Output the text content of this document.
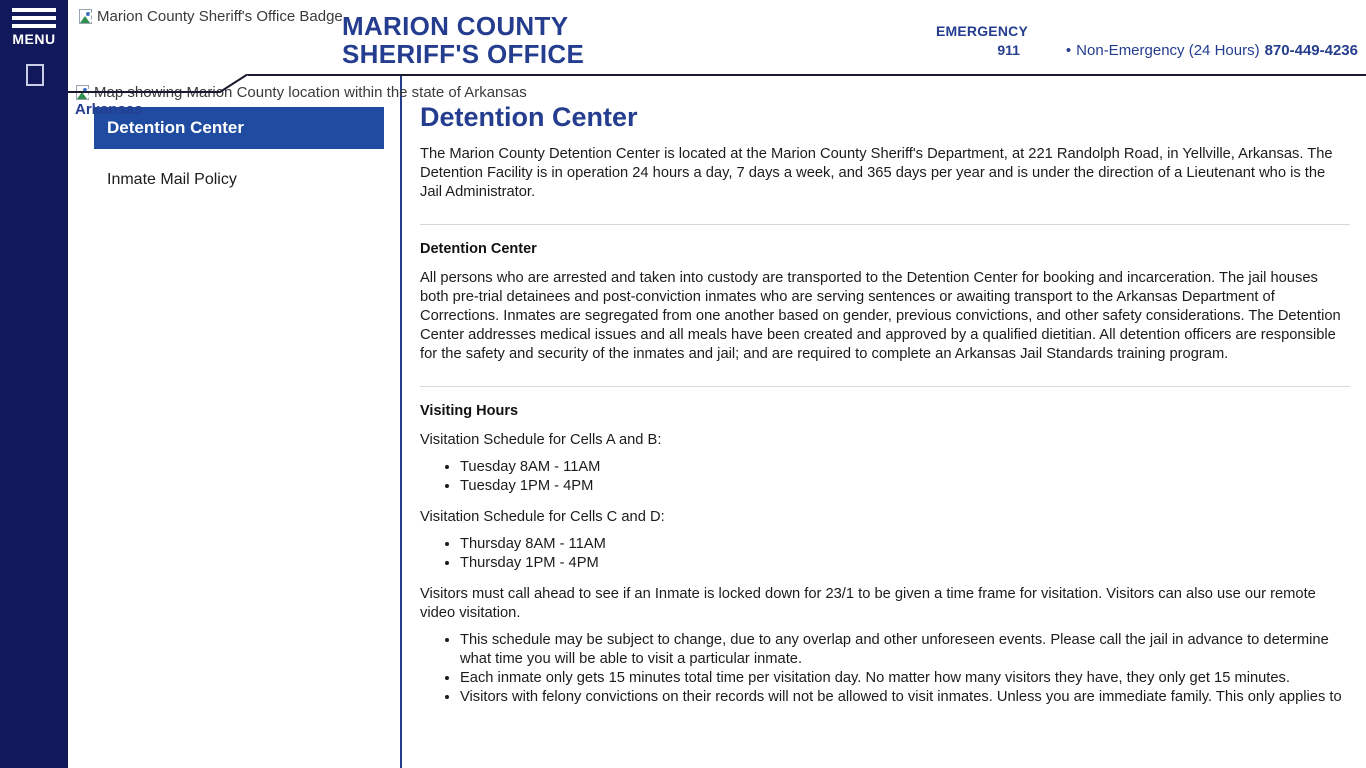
MENU
Marion County Sheriff's Office Badge MARION COUNTY
SHERIFF'S OFFICE
EMERGENCY
911	• Non-Emergency (24 Hours) 870-449-4236
Map showing Marion County location within the state of Arkansas
Arkansas
Detention Center
Inmate Mail Policy
Detention Center

The Marion County Detention Center is located at the Marion County Sheriff's Department, at 221 Randolph Road, in Yellville, Arkansas. The Detention Facility is in operation 24 hours a day, 7 days a week, and 365 days per year and is under the direction of a Lieutenant who is the Jail Administrator.

Detention Center

All persons who are arrested and taken into custody are transported to the Detention Center for booking and incarceration. The jail houses both pre-trial detainees and post-conviction inmates who are serving sentences or awaiting transport to the Arkansas Department of Corrections. Inmates are segregated from one another based on gender, previous convictions, and other safety considerations. The Detention Center addresses medical issues and all meals have been created and approved by a qualified dietitian. All detention officers are responsible for the safety and security of the inmates and jail; and are required to complete an Arkansas Jail Standards training program.

Visiting Hours

Visitation Schedule for Cells A and B:

• Tuesday 8AM - 11AM
• Tuesday 1PM - 4PM

Visitation Schedule for Cells C and D:

• Thursday 8AM - 11AM
• Thursday 1PM - 4PM

Visitors must call ahead to see if an Inmate is locked down for 23/1 to be given a time frame for visitation. Visitors can also use our remote video visitation.

• This schedule may be subject to change, due to any overlap and other unforeseen events. Please call the jail in advance to determine what time you will be able to visit a particular inmate.
• Each inmate only gets 15 minutes total time per visitation day. No matter how many visitors they have, they only get 15 minutes.
• Visitors with felony convictions on their records will not be allowed to visit inmates. Unless you are immediate family. This only applies to
